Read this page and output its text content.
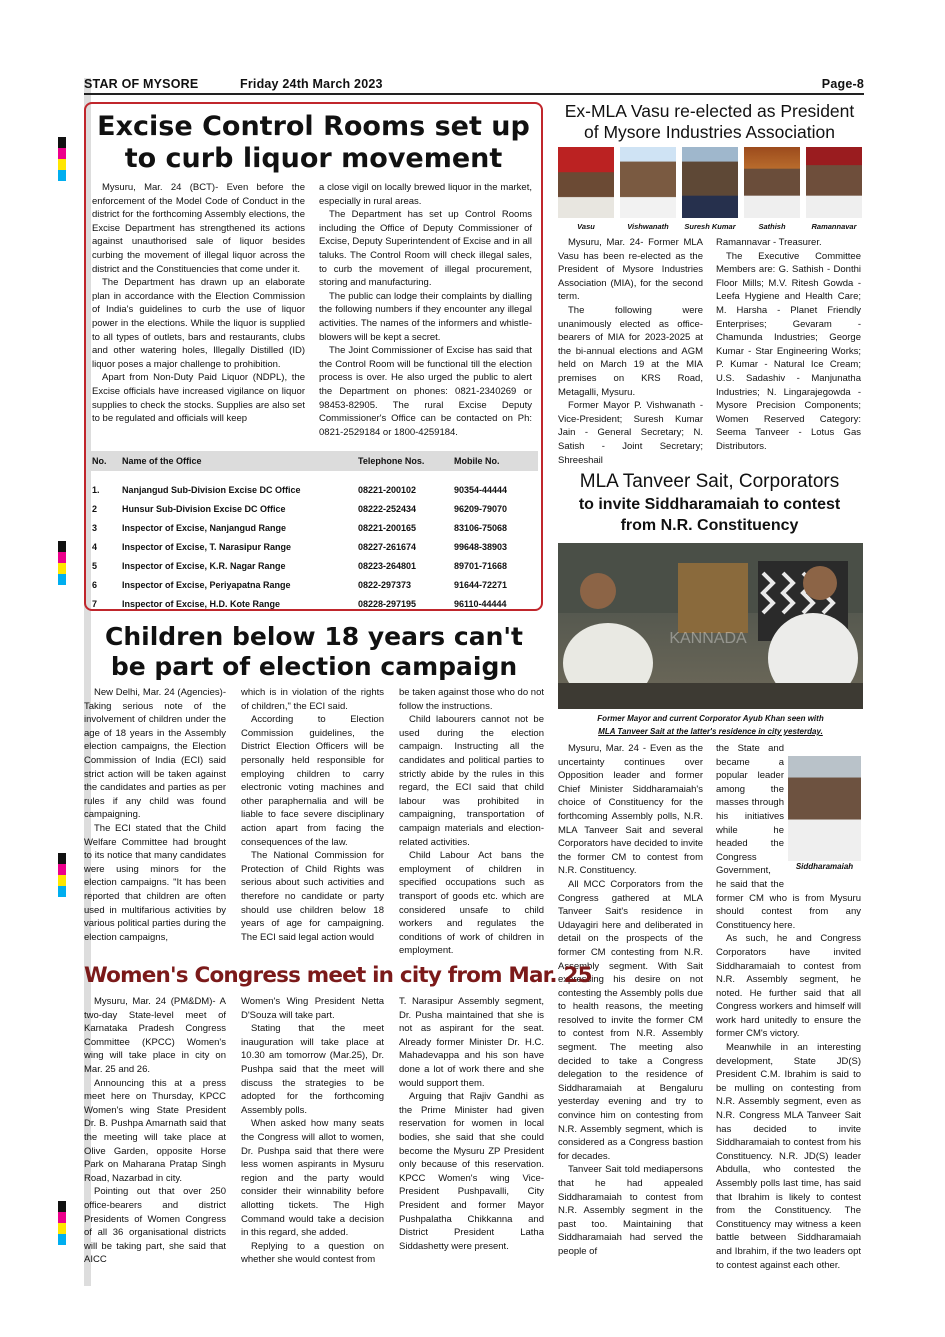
STAR OF MYSORE	Friday 24th March 2023	Page-8
Excise Control Rooms set up
to curb liquor movement

Mysuru, Mar. 24 (BCT)- Even before the enforcement of the Model Code of Conduct in the district for the forthcoming Assembly elections, the Excise Department has strengthened its actions against unauthorised sale of liquor besides curbing the movement of illegal liquor across the district and the Constituencies that come under it.

The Department has drawn up an elaborate plan in accordance with the Election Commission of India's guidelines to curb the use of liquor power in the elections. While the liquor is supplied to all types of outlets, bars and restaurants, clubs and other watering holes, Illegally Distilled (ID) liquor poses a major challenge to prohibition.

Apart from Non-Duty Paid Liquor (NDPL), the Excise officials have increased vigilance on liquor supplies to check the stocks. Supplies are also set to be regulated and officials will keep

a close vigil on locally brewed liquor in the market, especially in rural areas.

The Department has set up Control Rooms including the Office of Deputy Commissioner of Excise, Deputy Superintendent of Excise and in all taluks. The Control Room will check illegal sales, to curb the movement of illegal procurement, storing and manufacturing.

The public can lodge their complaints by dialling the following numbers if they encounter any illegal activities. The names of the informers and whistle-blowers will be kept a secret.

The Joint Commissioner of Excise has said that the Control Room will be functional till the election process is over. He also urged the public to alert the Department on phones: 0821-2340269 or 98453-82905. The rural Excise Deputy Commissioner's Office can be contacted on Ph: 0821-2529184 or 1800-4259184.

No.	Name of the Office	Telephone Nos.	Mobile No.

1.	Nanjangud Sub-Division Excise DC Office	08221-200102	90354-44444
2	Hunsur Sub-Division Excise DC Office	08222-252434	96209-79070
3	Inspector of Excise, Nanjangud Range	08221-200165	83106-75068
4	Inspector of Excise, T. Narasipur Range	08227-261674	99648-38903
5	Inspector of Excise, K.R. Nagar Range	08223-264801	89701-71668
6	Inspector of Excise, Periyapatna Range	0822-297373	91644-72271
7	Inspector of Excise, H.D. Kote Range	08228-297195	96110-44444
Ex-MLA Vasu re-elected as President
of Mysore Industries Association
Vasu	Vishwanath	Suresh Kumar	Sathish	Ramannavar

Mysuru, Mar. 24- Former MLA Vasu has been re-elected as the President of Mysore Industries Association (MIA), for the second term.

The following were unanimously elected as office-bearers of MIA for 2023-2025 at the bi-annual elections and AGM held on March 19 at the MIA premises on KRS Road, Metagalli, Mysuru.

Former Mayor P. Vishwanath - Vice-President; Suresh Kumar Jain - General Secretary; N. Satish - Joint Secretary; Shreeshail

Ramannavar - Treasurer.

The Executive Committee Members are: G. Sathish - Donthi Floor Mills; M.V. Ritesh Gowda - Leefa Hygiene and Health Care; M. Harsha - Planet Friendly Enterprises; Gevaram - Chamunda Industries; George Kumar - Star Engineering Works; P. Kumar - Natural Ice Cream; U.S. Sadashiv - Manjunatha Industries; N. Lingarajegowda - Mysore Precision Components; Women Reserved Category: Seema Tanveer - Lotus Gas Distributors.

MLA Tanveer Sait, Corporators
to invite Siddharamaiah to contest
from N.R. Constituency
KANNADA
Former Mayor and current Corporator Ayub Khan seen with
MLA Tanveer Sait at the latter's residence in city yesterday.

Mysuru, Mar. 24 - Even as the uncertainty continues over Opposition leader and former Chief Minister Siddharamaiah's choice of Constituency for the forthcoming Assembly polls, N.R. MLA Tanveer Sait and several Corporators have decided to invite the former CM to contest from N.R. Constituency.

All MCC Corporators from the Congress gathered at MLA Tanveer Sait's residence in Udayagiri here and deliberated in detail on the prospects of the former CM contesting from N.R. Assembly segment. With Sait expressing his desire on not contesting the Assembly polls due to health reasons, the meeting resolved to invite the former CM to contest from N.R. Assembly segment. The meeting also decided to take a Congress delegation to the residence of Siddharamaiah at Bengaluru yesterday evening and try to convince him on contesting from N.R. Assembly segment, which is considered as a Congress bastion for decades.

Tanveer Sait told mediapersons that he had appealed Siddharamaiah to contest from N.R. Assembly segment in the past too. Maintaining that Siddharamaiah had served the people of

Siddharamaiah

the State and became a popular leader among the masses through his initiatives while he headed the Congress Government, he said that the former CM who is from Mysuru should contest from any Constituency here.

As such, he and Congress Corporators have invited Siddharamaiah to contest from N.R. Assembly segment, he noted. He further said that all Congress workers and himself will work hard unitedly to ensure the former CM's victory.

Meanwhile in an interesting development, State JD(S) President C.M. Ibrahim is said to be mulling on contesting from N.R. Assembly segment, even as N.R. Congress MLA Tanveer Sait has decided to invite Siddharamaiah to contest from his Constituency. N.R. JD(S) leader Abdulla, who contested the Assembly polls last time, has said that Ibrahim is likely to contest from the Constituency. The Constituency may witness a keen battle between Siddharamaiah and Ibrahim, if the two leaders opt to contest against each other.

Children below 18 years can't
be part of election campaign

New Delhi, Mar. 24 (Agencies)- Taking serious note of the involvement of children under the age of 18 years in the Assembly election campaigns, the Election Commission of India (ECI) said strict action will be taken against the candidates and parties as per rules if any child was found campaigning.

The ECI stated that the Child Welfare Committee had brought to its notice that many candidates were using minors for the election campaigns. "It has been reported that children are often used in multifarious activities by various political parties during the election campaigns,

which is in violation of the rights of children," the ECI said.

According to Election Commission guidelines, the District Election Officers will be personally held responsible for employing children to carry electronic voting machines and other paraphernalia and will be liable to face severe disciplinary action apart from facing the consequences of the law.

The National Commission for Protection of Child Rights was serious about such activities and therefore no candidate or party should use children below 18 years of age for campaigning. The ECI said legal action would

be taken against those who do not follow the instructions.

Child labourers cannot not be used during the election campaign. Instructing all the candidates and political parties to strictly abide by the rules in this regard, the ECI said that child labour was prohibited in campaigning, transportation of campaign materials and election-related activities.

Child Labour Act bans the employment of children in specified occupations such as transport of goods etc. which are considered unsafe to child workers and regulates the conditions of work of children in employment.

Women's Congress meet in city from Mar. 25

Mysuru, Mar. 24 (PM&DM)- A two-day State-level meet of Karnataka Pradesh Congress Committee (KPCC) Women's wing will take place in city on Mar. 25 and 26.

Announcing this at a press meet here on Thursday, KPCC Women's wing State President Dr. B. Pushpa Amarnath said that the meeting will take place at Olive Garden, opposite Horse Park on Maharana Pratap Singh Road, Nazarbad in city.

Pointing out that over 250 office-bearers and district Presidents of Women Congress of all 36 organisational districts will be taking part, she said that AICC

Women's Wing President Netta D'Souza will take part.

Stating that the meet inauguration will take place at 10.30 am tomorrow (Mar.25), Dr. Pushpa said that the meet will discuss the strategies to be adopted for the forthcoming Assembly polls.

When asked how many seats the Congress will allot to women, Dr. Pushpa said that there were less women aspirants in Mysuru region and the party would consider their winnability before allotting tickets. The High Command would take a decision in this regard, she added.

Replying to a question on whether she would contest from

T. Narasipur Assembly segment, Dr. Pusha maintained that she is not as aspirant for the seat. Already former Minister Dr. H.C. Mahadevappa and his son have done a lot of work there and she would support them.

Arguing that Rajiv Gandhi as the Prime Minister had given reservation for women in local bodies, she said that she could become the Mysuru ZP President only because of this reservation. KPCC Women's wing Vice-President Pushpavalli, City President and former Mayor Pushpalatha Chikkanna and District President Latha Siddashetty were present.
